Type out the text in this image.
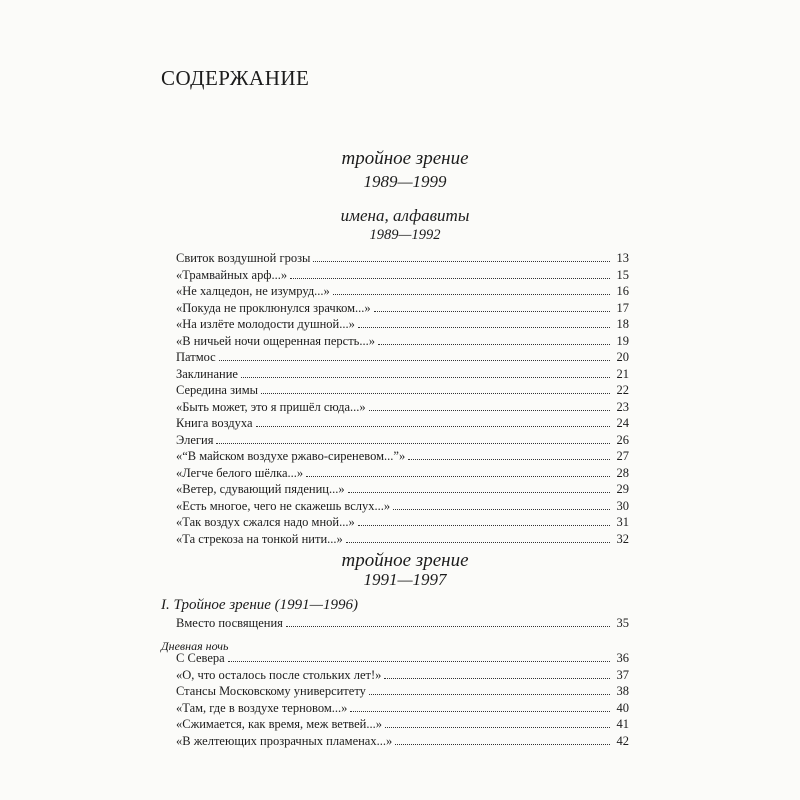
СОДЕРЖАНИЕ
тройное зрение
1989—1999
имена, алфавиты
1989—1992
Свиток воздушной грозы	13
«Трамвайных арф...»	15
«Не халцедон, не изумруд...»	16
«Покуда не проклюнулся зрачком...»	17
«На излёте молодости душной...»	18
«В ничьей ночи ощеренная персть...»	19
Патмос	20
Заклинание	21
Середина зимы	22
«Быть может, это я пришёл сюда...»	23
Книга воздуха	24
Элегия	26
«“В майском воздухе ржаво-сиреневом...”»	27
«Легче белого шёлка...»	28
«Ветер, сдувающий пядениц...»	29
«Есть многое, чего не скажешь вслух...»	30
«Так воздух сжался надо мной...»	31
«Та стрекоза на тонкой нити...»	32
тройное зрение
1991—1997
I. Тройное зрение (1991—1996)
Вместо посвящения	35
Дневная ночь
С Севера	36
«О, что осталось после стольких лет!»	37
Стансы Московскому университету	38
«Там, где в воздухе терновом...»	40
«Сжимается, как время, меж ветвей...»	41
«В желтеющих прозрачных пламенах...»	42
